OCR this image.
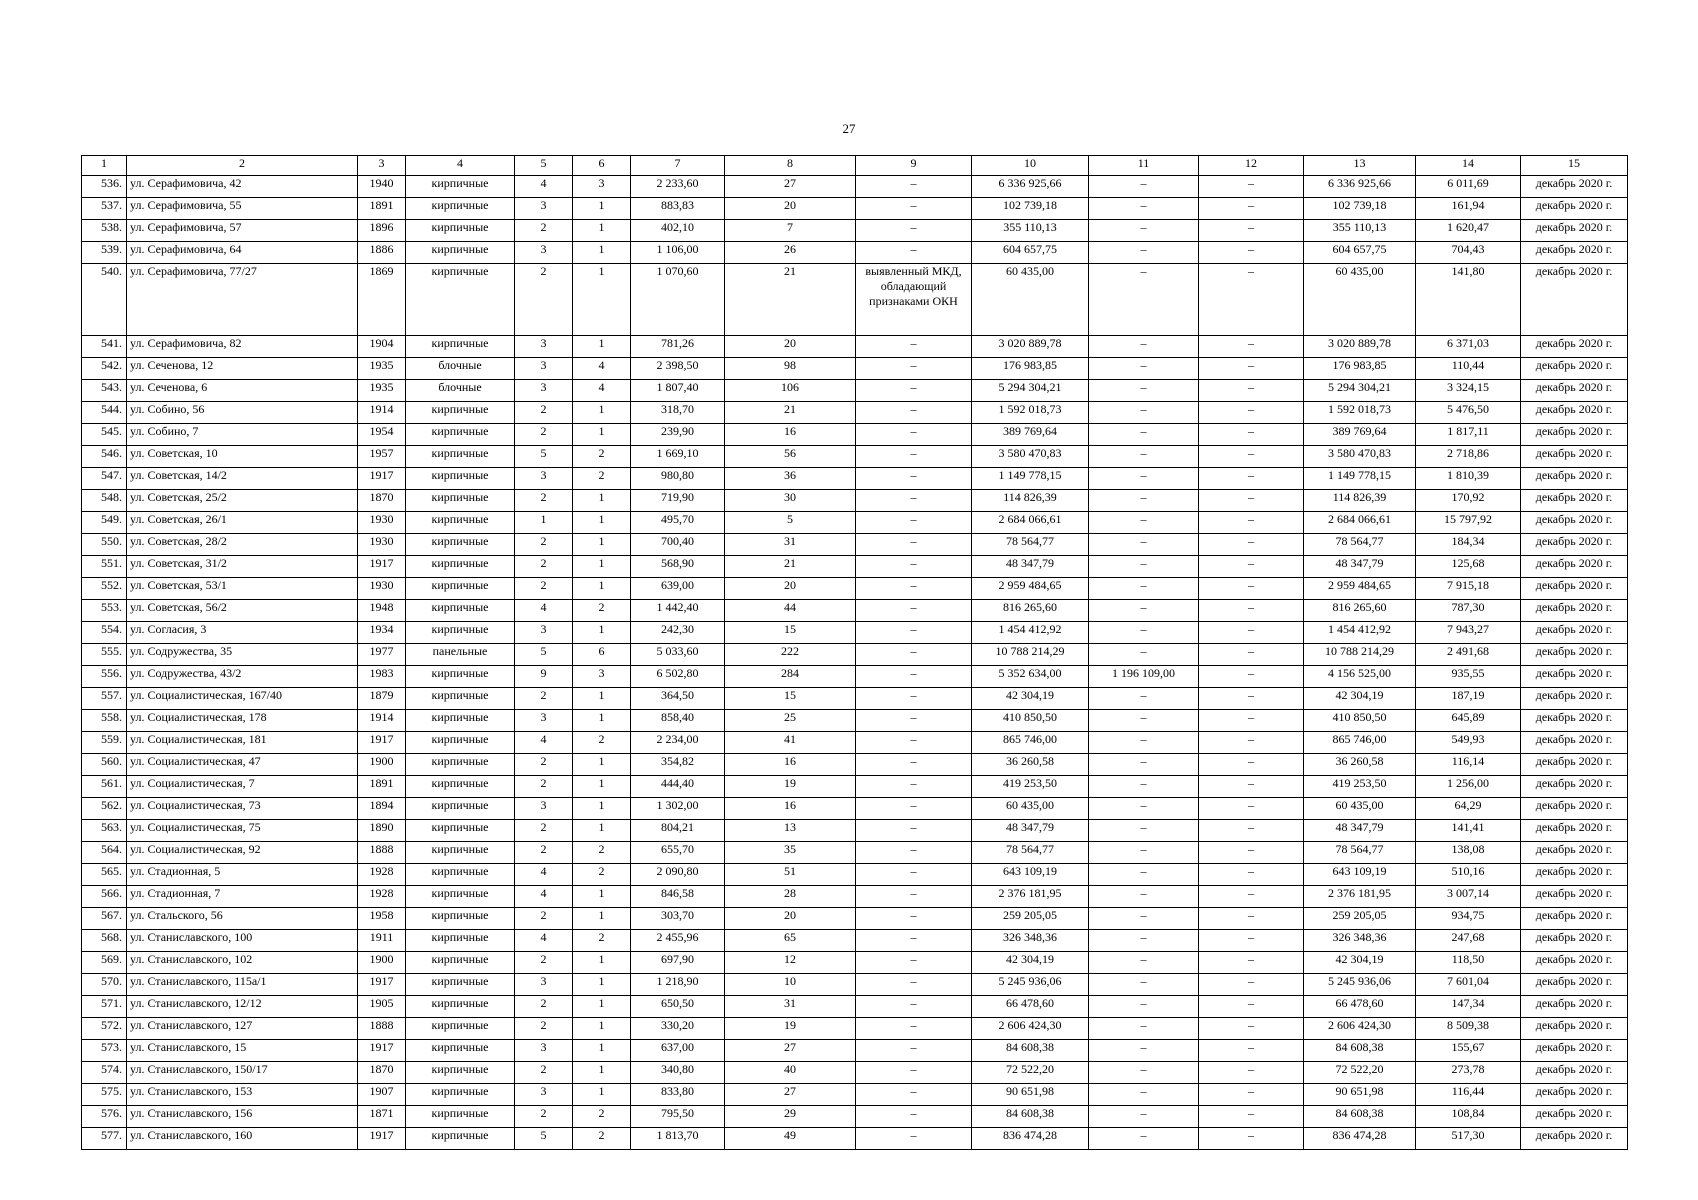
27
1	2	3	4	5	6	7	8	9	10	11	12	13	14	15
536.	ул. Серафимовича, 42	1940	кирпичные	4	3	2 233,60	27	–	6 336 925,66	–	–	6 336 925,66	6 011,69	декабрь 2020 г.
537.	ул. Серафимовича, 55	1891	кирпичные	3	1	883,83	20	–	102 739,18	–	–	102 739,18	161,94	декабрь 2020 г.
538.	ул. Серафимовича, 57	1896	кирпичные	2	1	402,10	7	–	355 110,13	–	–	355 110,13	1 620,47	декабрь 2020 г.
539.	ул. Серафимовича, 64	1886	кирпичные	3	1	1 106,00	26	–	604 657,75	–	–	604 657,75	704,43	декабрь 2020 г.
540.	ул. Серафимовича, 77/27	1869	кирпичные	2	1	1 070,60	21	выявленный МКД, обладающий признаками ОКН	60 435,00	–	–	60 435,00	141,80	декабрь 2020 г.
541.	ул. Серафимовича, 82	1904	кирпичные	3	1	781,26	20	–	3 020 889,78	–	–	3 020 889,78	6 371,03	декабрь 2020 г.
542.	ул. Сеченова, 12	1935	блочные	3	4	2 398,50	98	–	176 983,85	–	–	176 983,85	110,44	декабрь 2020 г.
543.	ул. Сеченова, 6	1935	блочные	3	4	1 807,40	106	–	5 294 304,21	–	–	5 294 304,21	3 324,15	декабрь 2020 г.
544.	ул. Собино, 56	1914	кирпичные	2	1	318,70	21	–	1 592 018,73	–	–	1 592 018,73	5 476,50	декабрь 2020 г.
545.	ул. Собино, 7	1954	кирпичные	2	1	239,90	16	–	389 769,64	–	–	389 769,64	1 817,11	декабрь 2020 г.
546.	ул. Советская, 10	1957	кирпичные	5	2	1 669,10	56	–	3 580 470,83	–	–	3 580 470,83	2 718,86	декабрь 2020 г.
547.	ул. Советская, 14/2	1917	кирпичные	3	2	980,80	36	–	1 149 778,15	–	–	1 149 778,15	1 810,39	декабрь 2020 г.
548.	ул. Советская, 25/2	1870	кирпичные	2	1	719,90	30	–	114 826,39	–	–	114 826,39	170,92	декабрь 2020 г.
549.	ул. Советская, 26/1	1930	кирпичные	1	1	495,70	5	–	2 684 066,61	–	–	2 684 066,61	15 797,92	декабрь 2020 г.
550.	ул. Советская, 28/2	1930	кирпичные	2	1	700,40	31	–	78 564,77	–	–	78 564,77	184,34	декабрь 2020 г.
551.	ул. Советская, 31/2	1917	кирпичные	2	1	568,90	21	–	48 347,79	–	–	48 347,79	125,68	декабрь 2020 г.
552.	ул. Советская, 53/1	1930	кирпичные	2	1	639,00	20	–	2 959 484,65	–	–	2 959 484,65	7 915,18	декабрь 2020 г.
553.	ул. Советская, 56/2	1948	кирпичные	4	2	1 442,40	44	–	816 265,60	–	–	816 265,60	787,30	декабрь 2020 г.
554.	ул. Согласия, 3	1934	кирпичные	3	1	242,30	15	–	1 454 412,92	–	–	1 454 412,92	7 943,27	декабрь 2020 г.
555.	ул. Содружества, 35	1977	панельные	5	6	5 033,60	222	–	10 788 214,29	–	–	10 788 214,29	2 491,68	декабрь 2020 г.
556.	ул. Содружества, 43/2	1983	кирпичные	9	3	6 502,80	284	–	5 352 634,00	1 196 109,00	–	4 156 525,00	935,55	декабрь 2020 г.
557.	ул. Социалистическая, 167/40	1879	кирпичные	2	1	364,50	15	–	42 304,19	–	–	42 304,19	187,19	декабрь 2020 г.
558.	ул. Социалистическая, 178	1914	кирпичные	3	1	858,40	25	–	410 850,50	–	–	410 850,50	645,89	декабрь 2020 г.
559.	ул. Социалистическая, 181	1917	кирпичные	4	2	2 234,00	41	–	865 746,00	–	–	865 746,00	549,93	декабрь 2020 г.
560.	ул. Социалистическая, 47	1900	кирпичные	2	1	354,82	16	–	36 260,58	–	–	36 260,58	116,14	декабрь 2020 г.
561.	ул. Социалистическая, 7	1891	кирпичные	2	1	444,40	19	–	419 253,50	–	–	419 253,50	1 256,00	декабрь 2020 г.
562.	ул. Социалистическая, 73	1894	кирпичные	3	1	1 302,00	16	–	60 435,00	–	–	60 435,00	64,29	декабрь 2020 г.
563.	ул. Социалистическая, 75	1890	кирпичные	2	1	804,21	13	–	48 347,79	–	–	48 347,79	141,41	декабрь 2020 г.
564.	ул. Социалистическая, 92	1888	кирпичные	2	2	655,70	35	–	78 564,77	–	–	78 564,77	138,08	декабрь 2020 г.
565.	ул. Стадионная, 5	1928	кирпичные	4	2	2 090,80	51	–	643 109,19	–	–	643 109,19	510,16	декабрь 2020 г.
566.	ул. Стадионная, 7	1928	кирпичные	4	1	846,58	28	–	2 376 181,95	–	–	2 376 181,95	3 007,14	декабрь 2020 г.
567.	ул. Стальского, 56	1958	кирпичные	2	1	303,70	20	–	259 205,05	–	–	259 205,05	934,75	декабрь 2020 г.
568.	ул. Станиславского, 100	1911	кирпичные	4	2	2 455,96	65	–	326 348,36	–	–	326 348,36	247,68	декабрь 2020 г.
569.	ул. Станиславского, 102	1900	кирпичные	2	1	697,90	12	–	42 304,19	–	–	42 304,19	118,50	декабрь 2020 г.
570.	ул. Станиславского, 115а/1	1917	кирпичные	3	1	1 218,90	10	–	5 245 936,06	–	–	5 245 936,06	7 601,04	декабрь 2020 г.
571.	ул. Станиславского, 12/12	1905	кирпичные	2	1	650,50	31	–	66 478,60	–	–	66 478,60	147,34	декабрь 2020 г.
572.	ул. Станиславского, 127	1888	кирпичные	2	1	330,20	19	–	2 606 424,30	–	–	2 606 424,30	8 509,38	декабрь 2020 г.
573.	ул. Станиславского, 15	1917	кирпичные	3	1	637,00	27	–	84 608,38	–	–	84 608,38	155,67	декабрь 2020 г.
574.	ул. Станиславского, 150/17	1870	кирпичные	2	1	340,80	40	–	72 522,20	–	–	72 522,20	273,78	декабрь 2020 г.
575.	ул. Станиславского, 153	1907	кирпичные	3	1	833,80	27	–	90 651,98	–	–	90 651,98	116,44	декабрь 2020 г.
576.	ул. Станиславского, 156	1871	кирпичные	2	2	795,50	29	–	84 608,38	–	–	84 608,38	108,84	декабрь 2020 г.
577.	ул. Станиславского, 160	1917	кирпичные	5	2	1 813,70	49	–	836 474,28	–	–	836 474,28	517,30	декабрь 2020 г.
